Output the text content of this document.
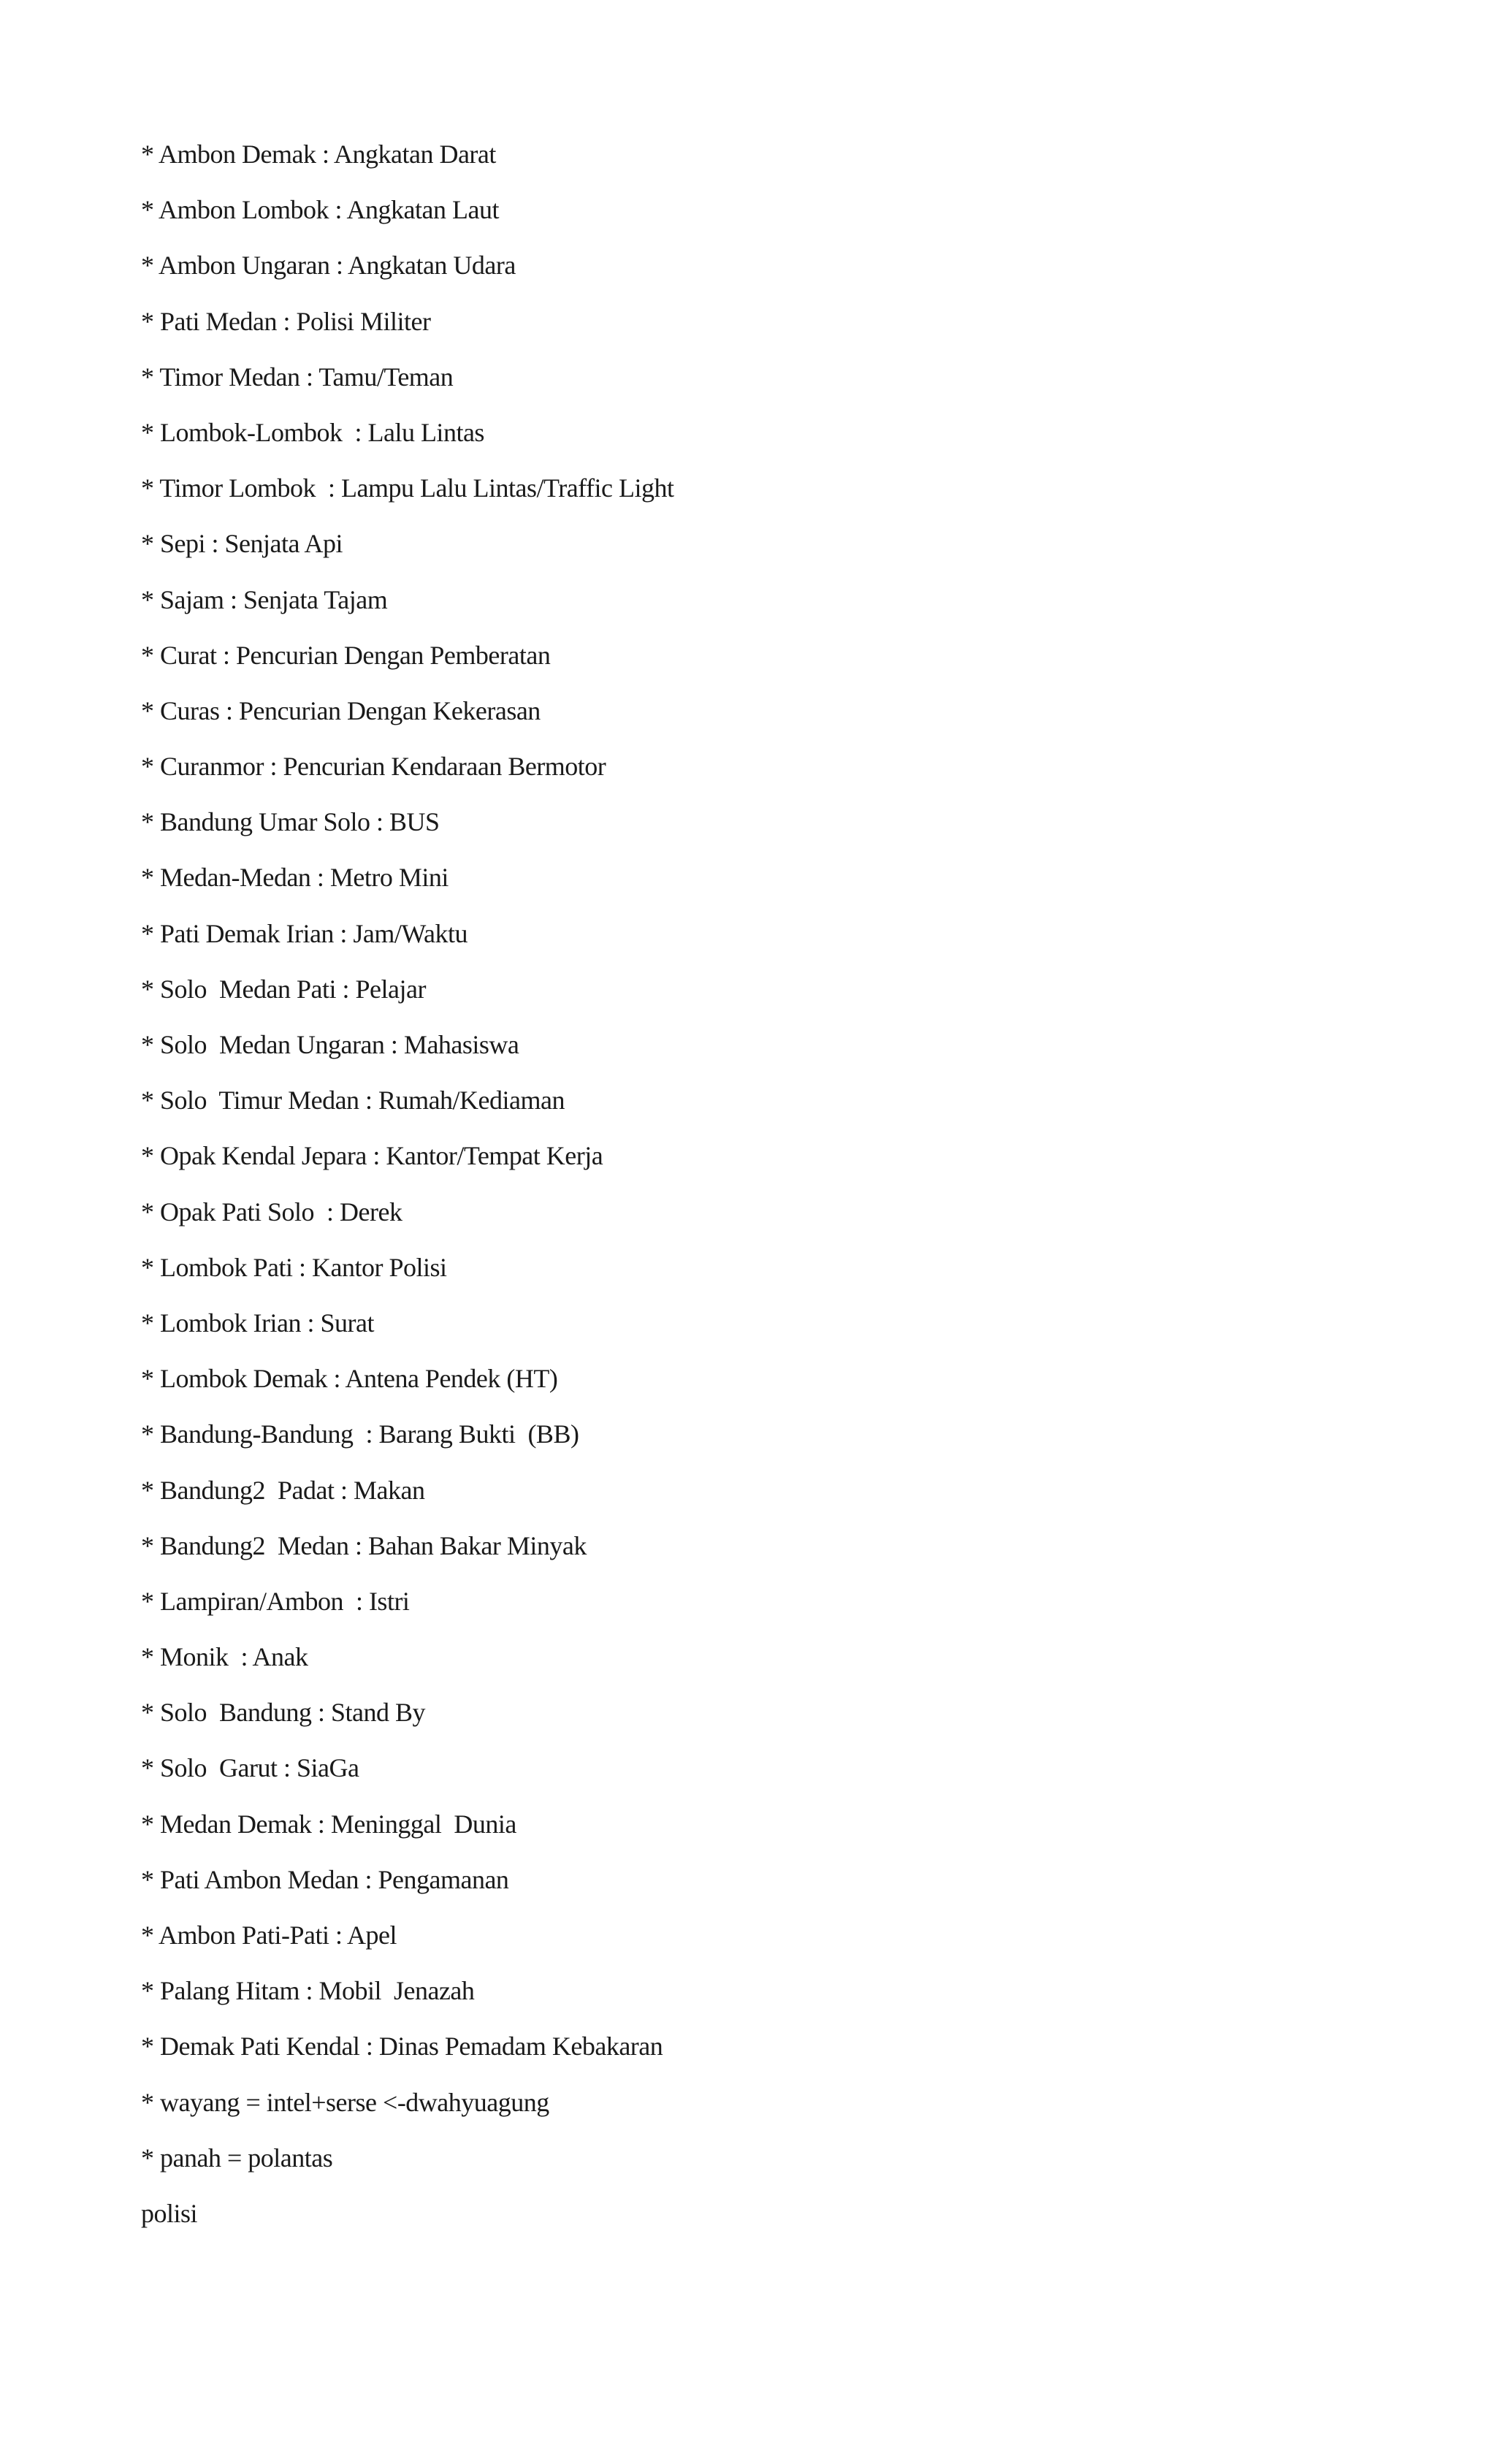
* Ambon Demak : Angkatan Darat
* Ambon Lombok : Angkatan Laut
* Ambon Ungaran : Angkatan Udara
* Pati Medan : Polisi Militer
* Timor Medan : Tamu/Teman
* Lombok-Lombok  : Lalu Lintas
* Timor Lombok  : Lampu Lalu Lintas/Traffic Light
* Sepi : Senjata Api
* Sajam : Senjata Tajam
* Curat : Pencurian Dengan Pemberatan
* Curas : Pencurian Dengan Kekerasan
* Curanmor : Pencurian Kendaraan Bermotor
* Bandung Umar Solo : BUS
* Medan-Medan : Metro Mini
* Pati Demak Irian : Jam/Waktu
* Solo  Medan Pati : Pelajar
* Solo  Medan Ungaran : Mahasiswa
* Solo  Timur Medan : Rumah/Kediaman
* Opak Kendal Jepara : Kantor/Tempat Kerja
* Opak Pati Solo  : Derek
* Lombok Pati : Kantor Polisi
* Lombok Irian : Surat
* Lombok Demak : Antena Pendek (HT)
* Bandung-Bandung  : Barang Bukti  (BB)
* Bandung2  Padat : Makan
* Bandung2  Medan : Bahan Bakar Minyak
* Lampiran/Ambon  : Istri
* Monik  : Anak
* Solo  Bandung : Stand By
* Solo  Garut : SiaGa
* Medan Demak : Meninggal  Dunia
* Pati Ambon Medan : Pengamanan
* Ambon Pati-Pati : Apel
* Palang Hitam : Mobil  Jenazah
* Demak Pati Kendal : Dinas Pemadam Kebakaran
* wayang = intel+serse <-dwahyuagung
* panah = polantas
polisi
